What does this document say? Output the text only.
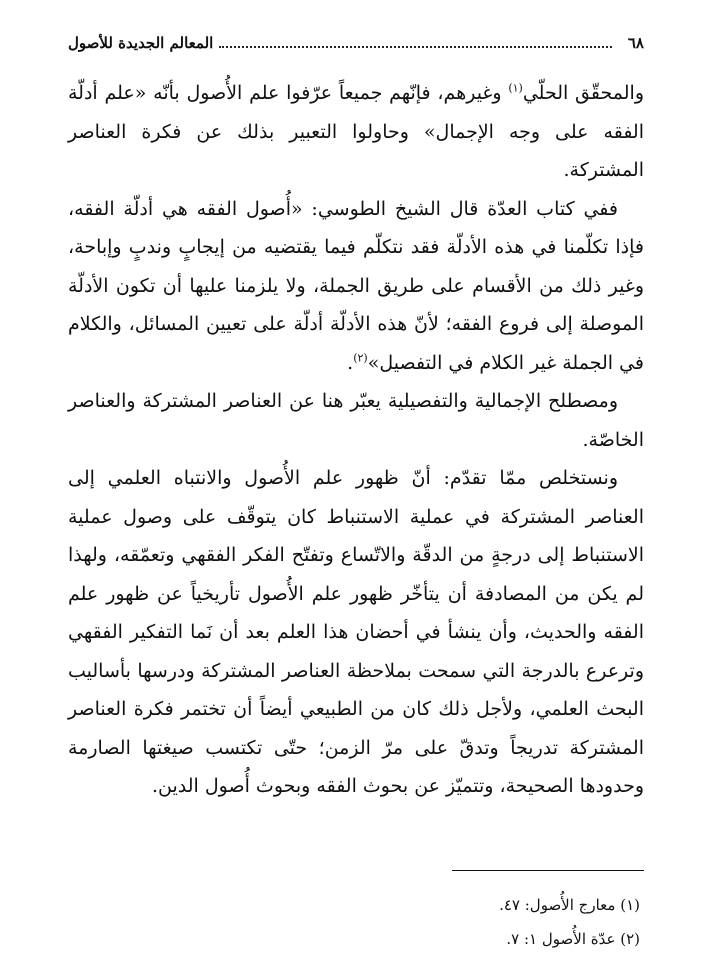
٦٨
المعالم الجديدة للأصول

والمحقّق الحلّي$^{(١)}$ وغيرهم، فإنّهم جميعاً عرّفوا علم الأُصول بأنّه «علم أدلّة الفقه على وجه الإجمال» وحاولوا التعبير بذلك عن فكرة العناصر المشتركة.

ففي كتاب العدّة قال الشيخ الطوسي: «أُصول الفقه هي أدلّة الفقه، فإذا تكلّمنا في هذه الأدلّة فقد نتكلّم فيما يقتضيه من إيجابٍ وندبٍ وإباحة، وغير ذلك من الأقسام على طريق الجملة، ولا يلزمنا عليها أن تكون الأدلّة الموصلة إلى فروع الفقه؛ لأنّ هذه الأدلّة أدلّة على تعيين المسائل، والكلام في الجملة غير الكلام في التفصيل»$^{(٢)}$.

ومصطلح الإجمالية والتفصيلية يعبّر هنا عن العناصر المشتركة والعناصر الخاصّة.

ونستخلص ممّا تقدّم: أنّ ظهور علم الأُصول والانتباه العلمي إلى العناصر المشتركة في عملية الاستنباط كان يتوقّف على وصول عملية الاستنباط إلى درجةٍ من الدقّة والاتّساع وتفتّح الفكر الفقهي وتعمّقه، ولهذا لم يكن من المصادفة أن يتأخّر ظهور علم الأُصول تأريخياً عن ظهور علم الفقه والحديث، وأن ينشأ في أحضان هذا العلم بعد أن نَما التفكير الفقهي وترعرع بالدرجة التي سمحت بملاحظة العناصر المشتركة ودرسها بأساليب البحث العلمي، ولأجل ذلك كان من الطبيعي أيضاً أن تختمر فكرة العناصر المشتركة تدريجاً وتدقّ على مرّ الزمن؛ حتّى تكتسب صيغتها الصارمة وحدودها الصحيحة، وتتميّز عن بحوث الفقه وبحوث أُصول الدين.

(١) معارج الأُصول: ٤٧.
(٢) عدّة الأُصول ١: ٧.
